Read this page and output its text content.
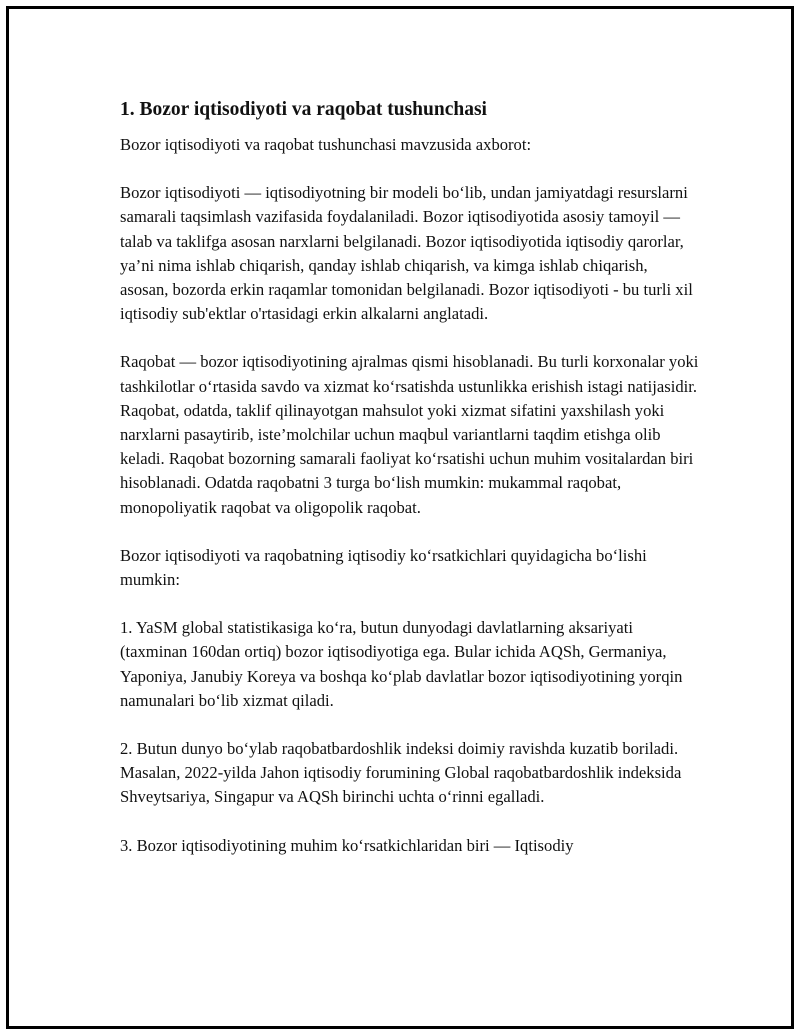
1. Bozor iqtisodiyoti va raqobat tushunchasi

Bozor iqtisodiyoti va raqobat tushunchasi mavzusida axborot:

Bozor iqtisodiyoti — iqtisodiyotning bir modeli bo‘lib, undan jamiyatdagi resurslarni samarali taqsimlash vazifasida foydalaniladi. Bozor iqtisodiyotida asosiy tamoyil — talab va taklifga asosan narxlarni belgilanadi. Bozor iqtisodiyotida iqtisodiy qarorlar, ya’ni nima ishlab chiqarish, qanday ishlab chiqarish, va kimga ishlab chiqarish, asosan, bozorda erkin raqamlar tomonidan belgilanadi. Bozor iqtisodiyoti - bu turli xil iqtisodiy sub'ektlar o'rtasidagi erkin alkalarni anglatadi.

Raqobat — bozor iqtisodiyotining ajralmas qismi hisoblanadi. Bu turli korxonalar yoki tashkilotlar o‘rtasida savdo va xizmat ko‘rsatishda ustunlikka erishish istagi natijasidir. Raqobat, odatda, taklif qilinayotgan mahsulot yoki xizmat sifatini yaxshilash yoki narxlarni pasaytirib, iste’molchilar uchun maqbul variantlarni taqdim etishga olib keladi. Raqobat bozorning samarali faoliyat ko‘rsatishi uchun muhim vositalardan biri hisoblanadi. Odatda raqobatni 3 turga bo‘lish mumkin: mukammal raqobat, monopoliyatik raqobat va oligopolik raqobat.

Bozor iqtisodiyoti va raqobatning iqtisodiy ko‘rsatkichlari quyidagicha bo‘lishi mumkin:

1. YaSM global statistikasiga ko‘ra, butun dunyodagi davlatlarning aksariyati (taxminan 160dan ortiq) bozor iqtisodiyotiga ega. Bular ichida AQSh, Germaniya, Yaponiya, Janubiy Koreya va boshqa ko‘plab davlatlar bozor iqtisodiyotining yorqin namunalari bo‘lib xizmat qiladi.

2. Butun dunyo bo‘ylab raqobatbardoshlik indeksi doimiy ravishda kuzatib boriladi. Masalan, 2022-yilda Jahon iqtisodiy forumining Global raqobatbardoshlik indeksida Shveytsariya, Singapur va AQSh birinchi uchta o‘rinni egalladi.

3. Bozor iqtisodiyotining muhim ko‘rsatkichlaridan biri — Iqtisodiy
